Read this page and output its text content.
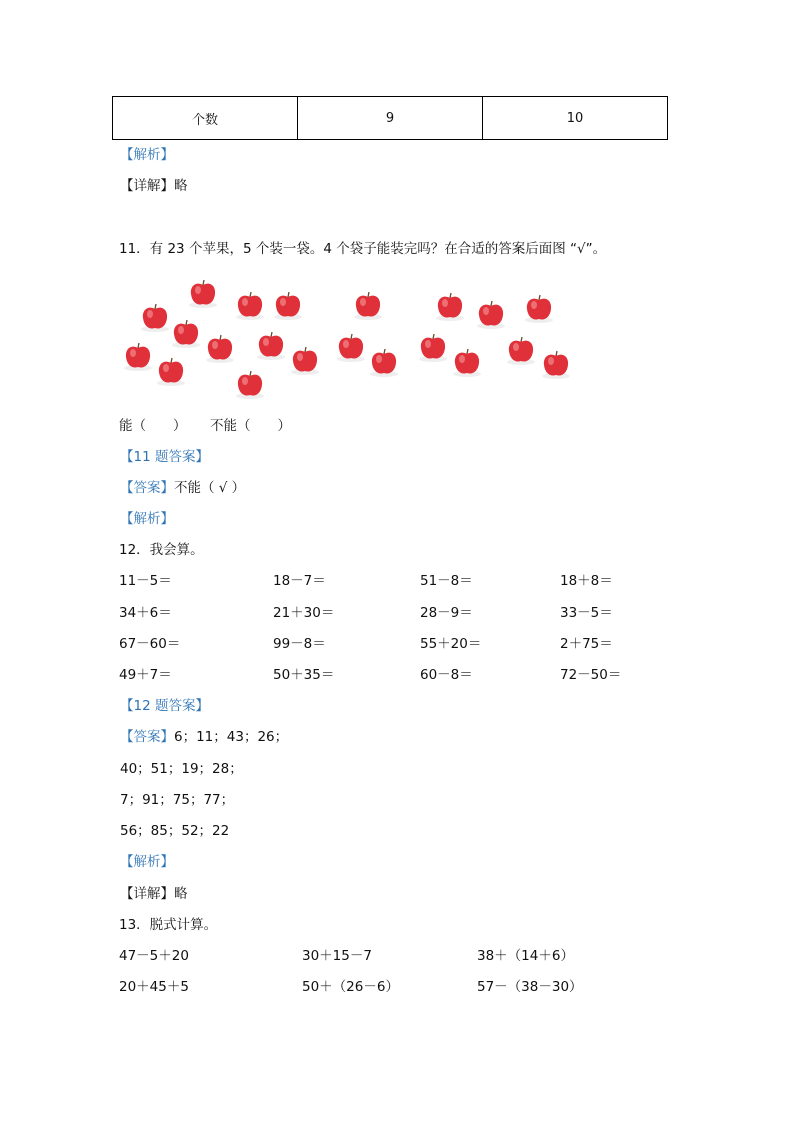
个数	9	10
【解析】
【详解】略
11．有 23 个苹果，5 个装一袋。4 个袋子能装完吗？在合适的答案后面图 “√”。
能（　　） 不能（　　）
【11 题答案】
【答案】不能（ √ ）
【解析】
12．我会算。
【12 题答案】
【答案】6；11；43；26；
40；51；19；28；
7；91；75；77；
56；85；52；22
【解析】
【详解】略
13．脱式计算。
11－5＝	18－7＝	51－8＝	18＋8＝
34＋6＝	21＋30＝	28－9＝	33－5＝
67－60＝	99－8＝	55＋20＝	2＋75＝
49＋7＝	50＋35＝	60－8＝	72－50＝
47－5＋20	30＋15－7	38＋（14＋6）
20＋45＋5	50＋（26－6）	57－（38－30）
